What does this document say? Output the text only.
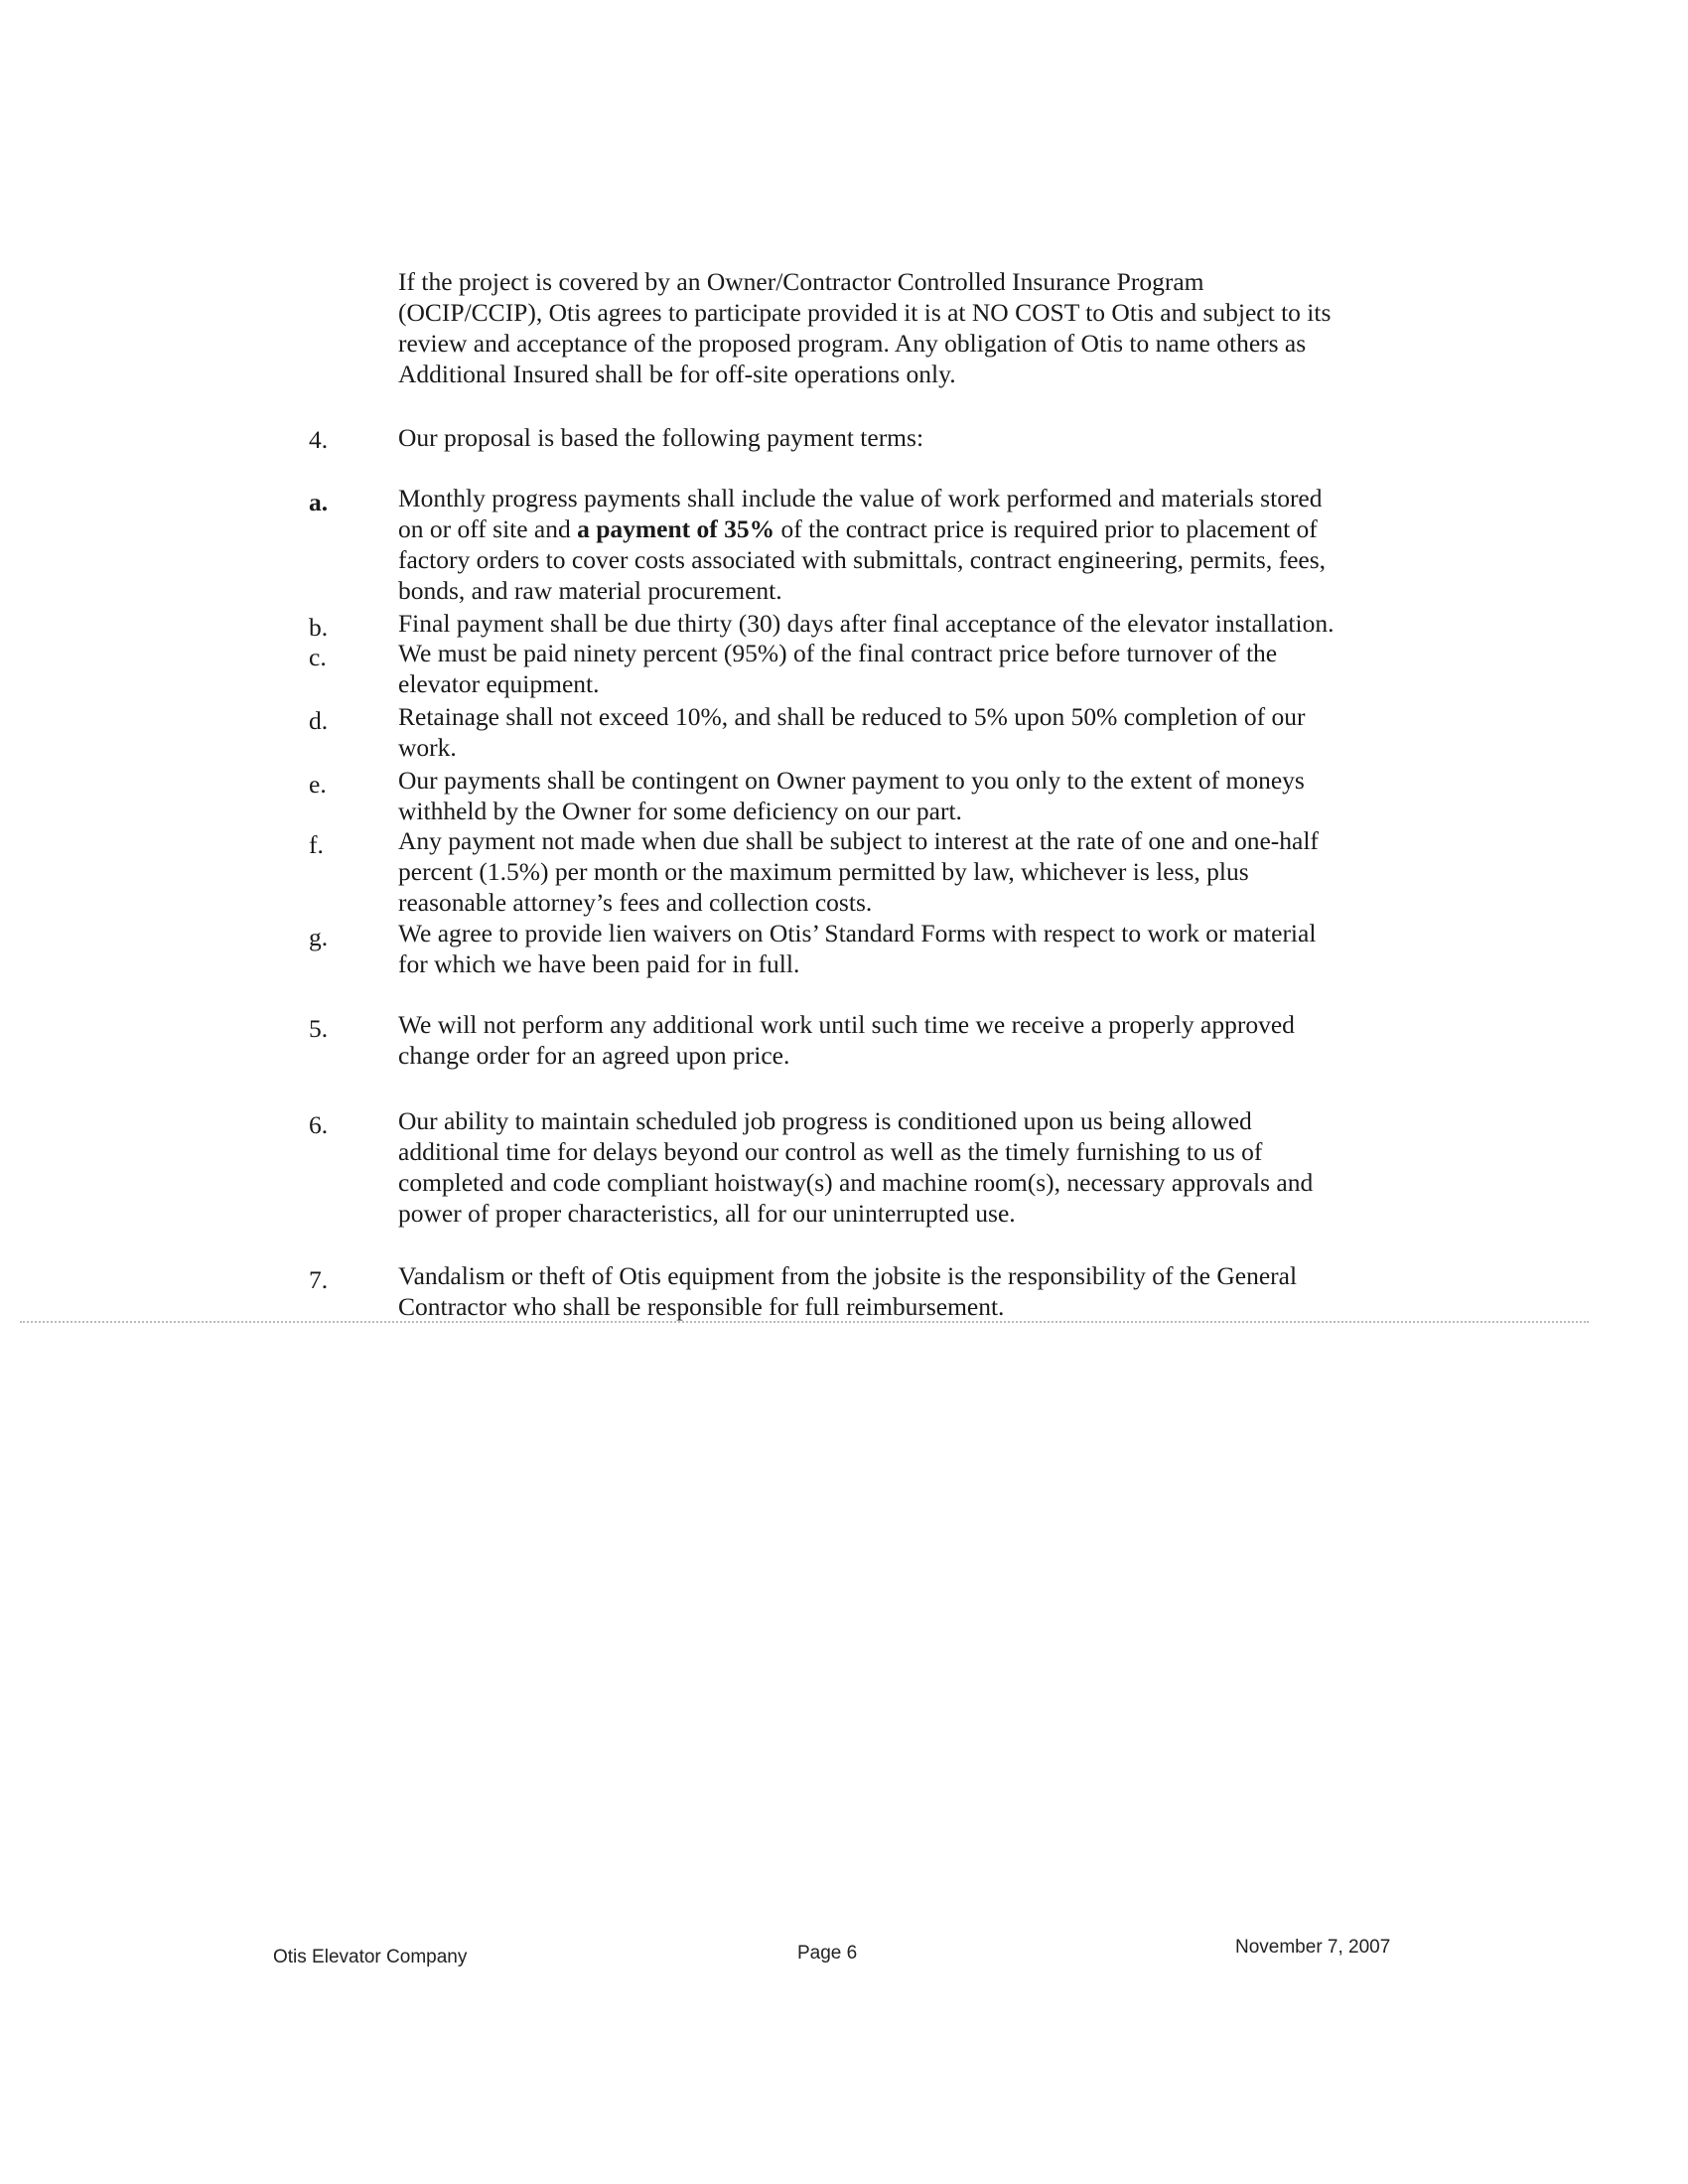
If the project is covered by an Owner/Contractor Controlled Insurance Program
(OCIP/CCIP), Otis agrees to participate provided it is at NO COST to Otis and subject to its
review and acceptance of the proposed program. Any obligation of Otis to name others as
Additional Insured shall be for off-site operations only.
4.	Our proposal is based the following payment terms:
a.	Monthly progress payments shall include the value of work performed and materials stored
on or off site and a payment of 35% of the contract price is required prior to placement of
factory orders to cover costs associated with submittals, contract engineering, permits, fees,
bonds, and raw material procurement.
b.	Final payment shall be due thirty (30) days after final acceptance of the elevator installation.
c.	We must be paid ninety percent (95%) of the final contract price before turnover of the
elevator equipment.
d.	Retainage shall not exceed 10%, and shall be reduced to 5% upon 50% completion of our
work.
e.	Our payments shall be contingent on Owner payment to you only to the extent of moneys
withheld by the Owner for some deficiency on our part.
f.	Any payment not made when due shall be subject to interest at the rate of one and one-half
percent (1.5%) per month or the maximum permitted by law, whichever is less, plus
reasonable attorney’s fees and collection costs.
g.	We agree to provide lien waivers on Otis’ Standard Forms with respect to work or material
for which we have been paid for in full.
5.	We will not perform any additional work until such time we receive a properly approved
change order for an agreed upon price.
6.	Our ability to maintain scheduled job progress is conditioned upon us being allowed
additional time for delays beyond our control as well as the timely furnishing to us of
completed and code compliant hoistway(s) and machine room(s), necessary approvals and
power of proper characteristics, all for our uninterrupted use.
7.	Vandalism or theft of Otis equipment from the jobsite is the responsibility of the General
Contractor who shall be responsible for full reimbursement.
Otis Elevator Company	Page 6	November 7, 2007
